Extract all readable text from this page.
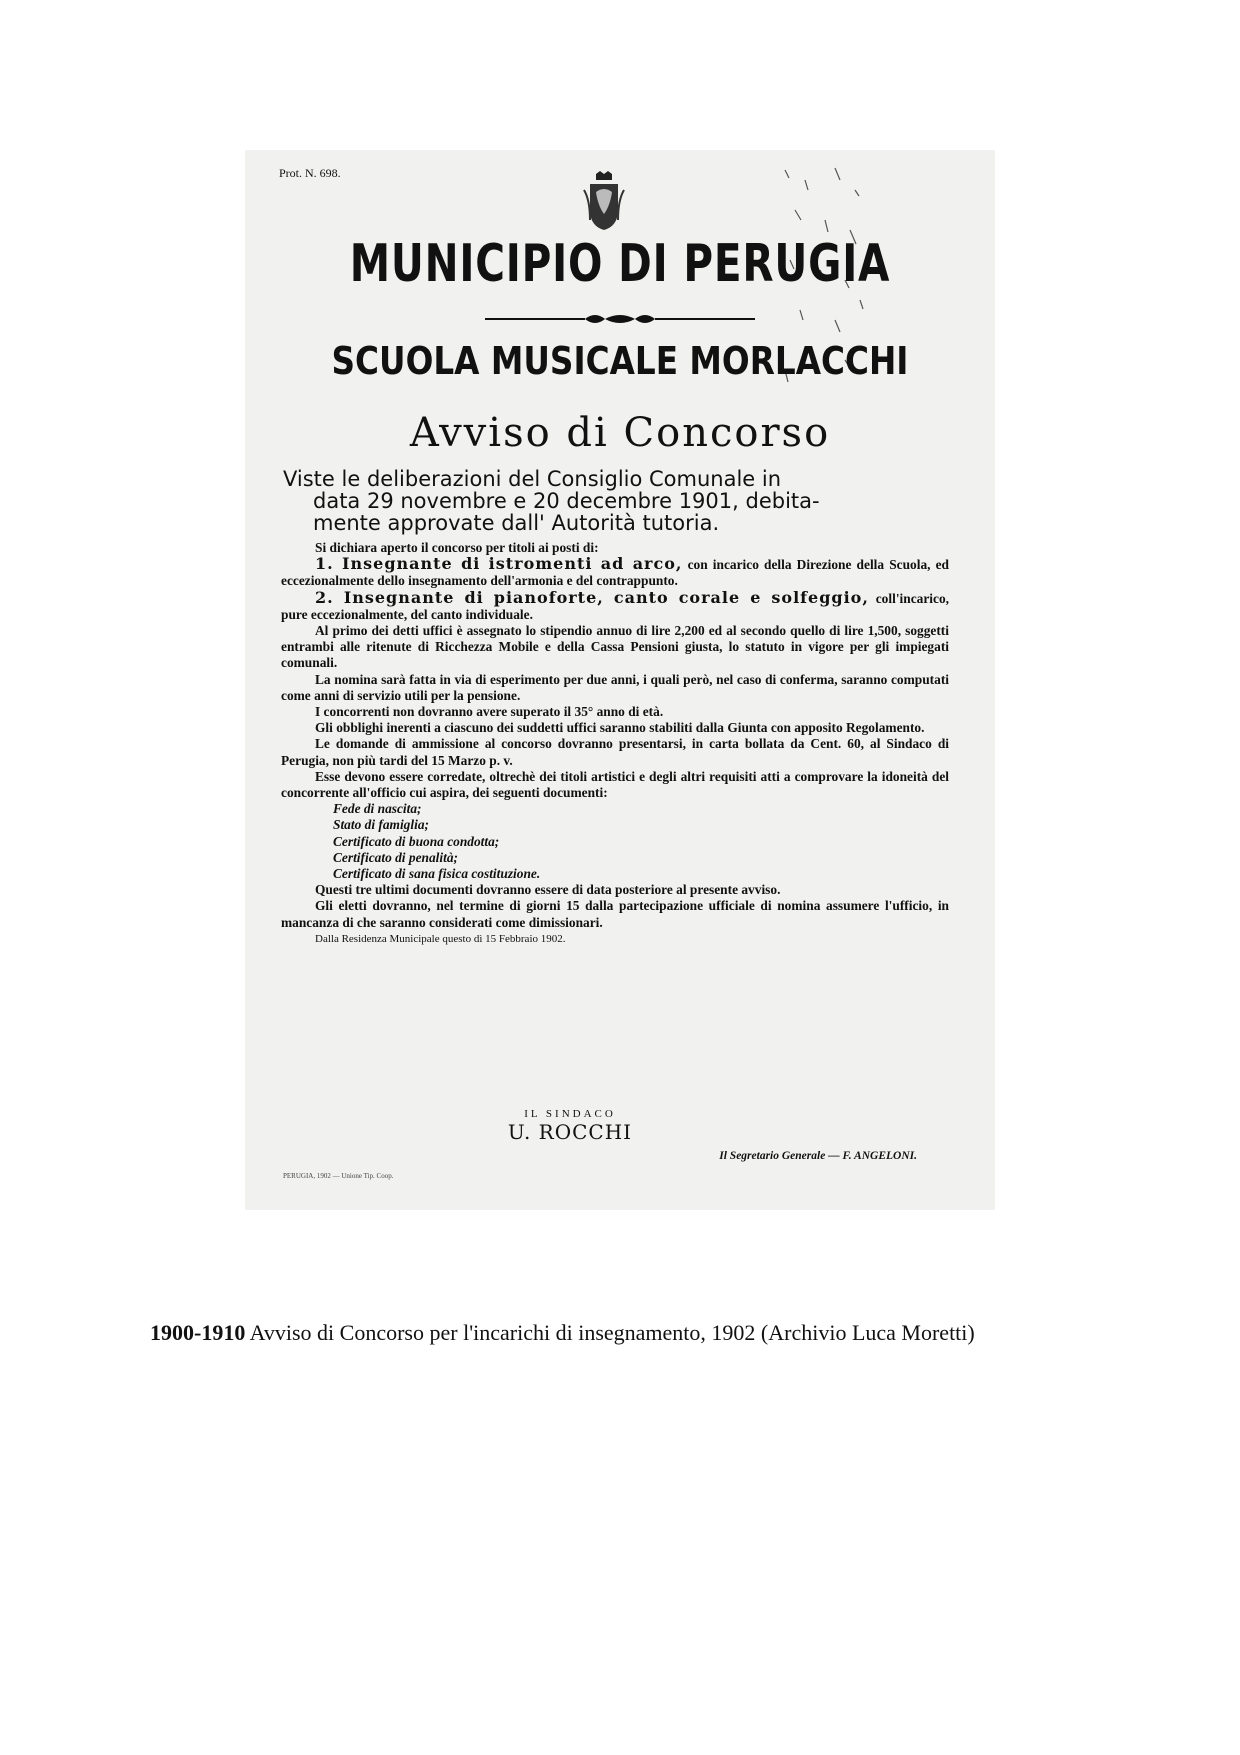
Prot. N. 698.
MUNICIPIO DI PERUGIA
SCUOLA MUSICALE MORLACCHI
Avviso di Concorso
Viste le deliberazioni del Consiglio Comunale in
data 29 novembre e 20 decembre 1901, debita-
mente approvate dall' Autorità tutoria.

Si dichiara aperto il concorso per titoli ai posti di:

1. Insegnante di istromenti ad arco, con incarico della Direzione della Scuola, ed eccezionalmente dello insegnamento dell'armonia e del contrappunto.

2. Insegnante di pianoforte, canto corale e solfeggio, coll'incarico, pure eccezionalmente, del canto individuale.

Al primo dei detti uffici è assegnato lo stipendio annuo di lire 2,200 ed al secondo quello di lire 1,500, soggetti entrambi alle ritenute di Ricchezza Mobile e della Cassa Pensioni giusta, lo statuto in vigore per gli impiegati comunali.

La nomina sarà fatta in via di esperimento per due anni, i quali però, nel caso di conferma, saranno computati come anni di servizio utili per la pensione.

I concorrenti non dovranno avere superato il 35° anno di età.

Gli obblighi inerenti a ciascuno dei suddetti uffici saranno stabiliti dalla Giunta con apposito Regolamento.

Le domande di ammissione al concorso dovranno presentarsi, in carta bollata da Cent. 60, al Sindaco di Perugia, non più tardi del 15 Marzo p. v.

Esse devono essere corredate, oltrechè dei titoli artistici e degli altri requisiti atti a comprovare la idoneità del concorrente all'officio cui aspira, dei seguenti documenti:

Fede di nascita;
Stato di famiglia;
Certificato di buona condotta;
Certificato di penalità;
Certificato di sana fisica costituzione.

Questi tre ultimi documenti dovranno essere di data posteriore al presente avviso.

Gli eletti dovranno, nel termine di giorni 15 dalla partecipazione ufficiale di nomina assumere l'ufficio, in mancanza di che saranno considerati come dimissionari.

Dalla Residenza Municipale questo dì 15 Febbraio 1902.

IL SINDACO
U. ROCCHI
Il Segretario Generale — F. ANGELONI.
PERUGIA, 1902 — Unione Tip. Coop.
1900-1910 Avviso di Concorso per l'incarichi di insegnamento, 1902 (Archivio Luca Moretti)
